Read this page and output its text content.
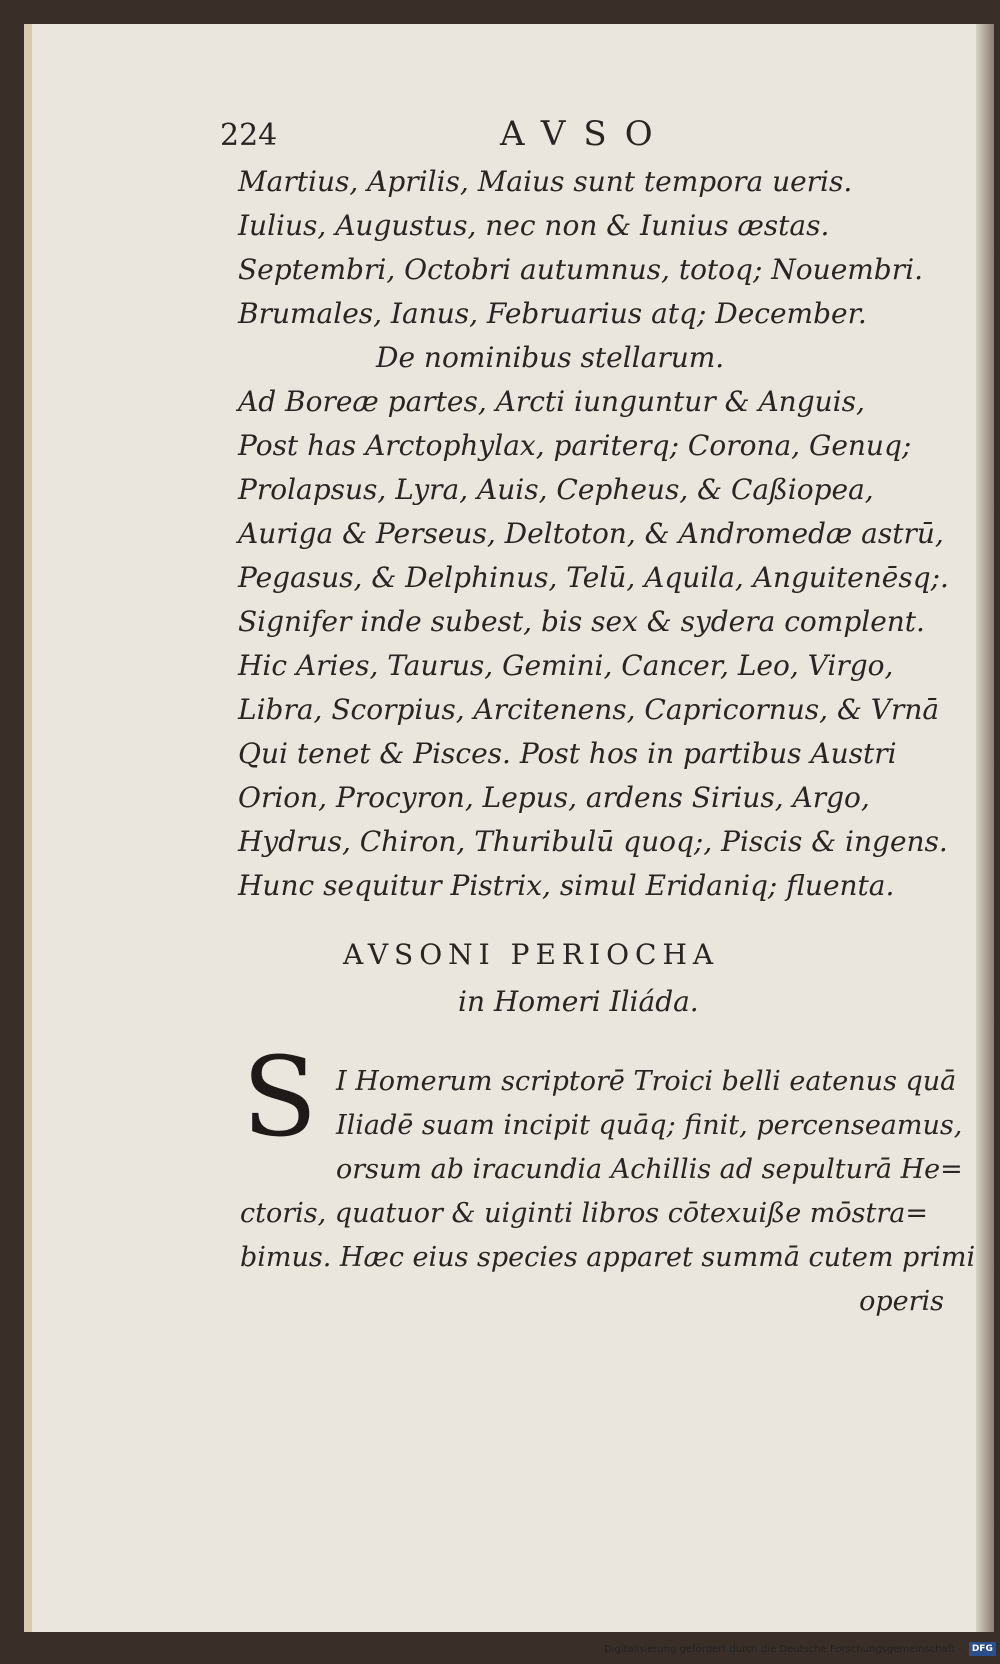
224	AVSO
Martius, Aprilis, Maius sunt tempora ueris.
Iulius, Augustus, nec non & Iunius æstas.
Septembri, Octobri autumnus, totoq; Nouembri.
Brumales, Ianus, Februarius atq; December.
De nominibus stellarum.
Ad Boreæ partes, Arcti iunguntur & Anguis,
Post has Arctophylax, pariterq; Corona, Genuq;
Prolapsus, Lyra, Auis, Cepheus, & Caßiopea,
Auriga & Perseus, Deltoton, & Andromedæ astrū,
Pegasus, & Delphinus, Telū, Aquila, Anguitenēsq;.
Signifer inde subest, bis sex & sydera complent.
Hic Aries, Taurus, Gemini, Cancer, Leo, Virgo,
Libra, Scorpius, Arcitenens, Capricornus, & Vrnā
Qui tenet & Pisces. Post hos in partibus Austri
Orion, Procyron, Lepus, ardens Sirius, Argo,
Hydrus, Chiron, Thuribulū quoq;, Piscis & ingens.
Hunc sequitur Pistrix, simul Eridaniq; fluenta.
AVSONI PERIOCHA
in Homeri Iliáda.
S I Homerum scriptorē Troici belli eatenus quā
Iliadē suam incipit quāq; finit, percenseamus,
orsum ab iracundia Achillis ad sepulturā He=
ctoris, quatuor & uiginti libros cōtexuiße mōstra=
bimus. Hæc eius species apparet summā cutem primi
operis
Digitalisierung gefördert durch die Deutsche Forschungsgemeinschaft - DFG
